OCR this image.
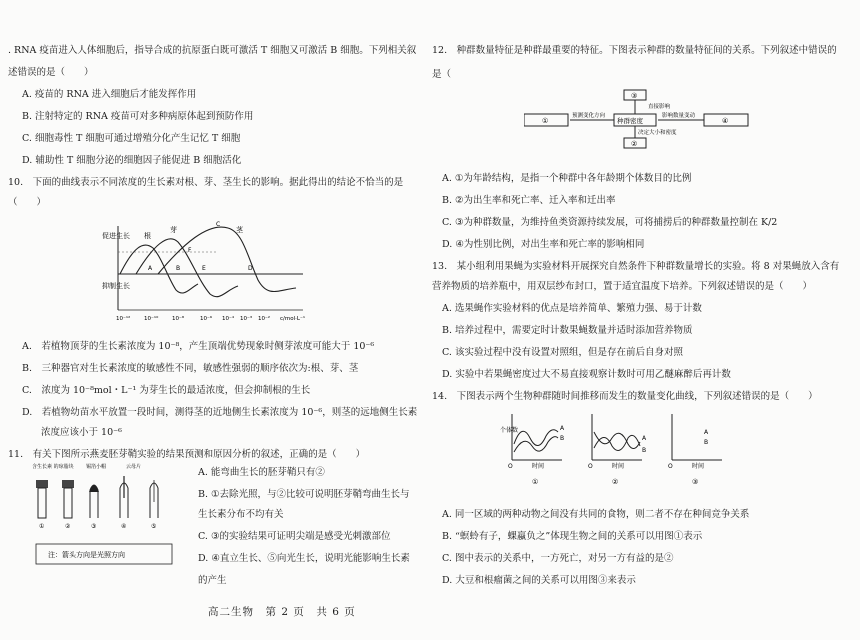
. RNA 疫苗进入人体细胞后，指导合成的抗原蛋白既可激活 T 细胞又可激活 B 细胞。下列相关叙
述错误的是（　　）
A. 疫苗的 RNA 进入细胞后才能发挥作用
B. 注射特定的 RNA 疫苗可对多种病原体起到预防作用
C. 细胞毒性 T 细胞可通过增殖分化产生记忆 T 细胞
D. 辅助性 T 细胞分泌的细胞因子能促进 B 细胞活化
10.　下面的曲线表示不同浓度的生长素对根、芽、茎生长的影响。据此得出的结论不恰当的是
（　　）
促进生长
抑制生长
根
芽	茎
A	B
C
D
E
F
10⁻¹² 10⁻¹⁰ 10⁻⁸	10⁻⁶ 10⁻⁴ 10⁻³ 10⁻² c/mol·L⁻¹
A.　若植物顶芽的生长素浓度为 10⁻⁸，产生顶端优势现象时侧芽浓度可能大于 10⁻⁶
B.　三种器官对生长素浓度的敏感性不同，敏感性强弱的顺序依次为:根、芽、茎
C.　浓度为 10⁻⁸mol・L⁻¹ 为芽生长的最适浓度，但会抑制根的生长
D.　若植物幼苗水平放置一段时间，测得茎的近地侧生长素浓度为 10⁻⁶，则茎的远地侧生长素
　　浓度应该小于 10⁻⁶
11.　有关下图所示燕麦胚芽鞘实验的结果预测和原因分析的叙述，正确的是（　　）
含生长素 的琼脂块 锡箔小帽	云母片
①	②	③	④	⑤
注：箭头方向是光照方向
A. 能弯曲生长的胚芽鞘只有②
B. ①去除光照，与②比较可说明胚芽鞘弯曲生长与
生长素分布不均有关
C. ③的实验结果可证明尖端是感受光刺激部位
D. ④直立生长、⑤向光生长，说明光能影响生长素
的产生
12.　种群数量特征是种群最重要的特征。下图表示种群的数量特征间的关系。下列叙述中错误的
是（
①	种群密度
③
②
④
预测变化方向
直接影响
影响数量变动
决定大小和密度
A. ①为年龄结构，是指一个种群中各年龄期个体数目的比例
B. ②为出生率和死亡率、迁入率和迁出率
C. ③为种群数量，为维持鱼类资源持续发展，可将捕捞后的种群数量控制在 K/2
D. ④为性别比例，对出生率和死亡率的影响相同
13.　某小组利用果蝇为实验材料开展探究自然条件下种群数量增长的实验。将 8 对果蝇放入含有
营养物质的培养瓶中，用双层纱布封口，置于适宜温度下培养。下列叙述错误的是（　　）
A. 选果蝇作实验材料的优点是培养简单、繁殖力强、易于计数
B. 培养过程中，需要定时计数果蝇数量并适时添加营养物质
C. 该实验过程中没有设置对照组，但是存在前后自身对照
D. 实验中若果蝇密度过大不易直接观察计数时可用乙醚麻醉后再计数
14.　下图表示两个生物种群随时间推移而发生的数量变化曲线，下列叙述错误的是（　　）
A
B
O
①
A
B
O	时间
②
A
B
O	时间
③
个体数
时间
A. 同一区域的两种动物之间没有共同的食物，则二者不存在种间竞争关系
B. “螟蛉有子，蜾蠃负之”体现生物之间的关系可以用图①表示
C. 图中表示的关系中，一方死亡，对另一方有益的是②
D. 大豆和根瘤菌之间的关系可以用图③来表示
高二生物　第 2 页　共 6 页
